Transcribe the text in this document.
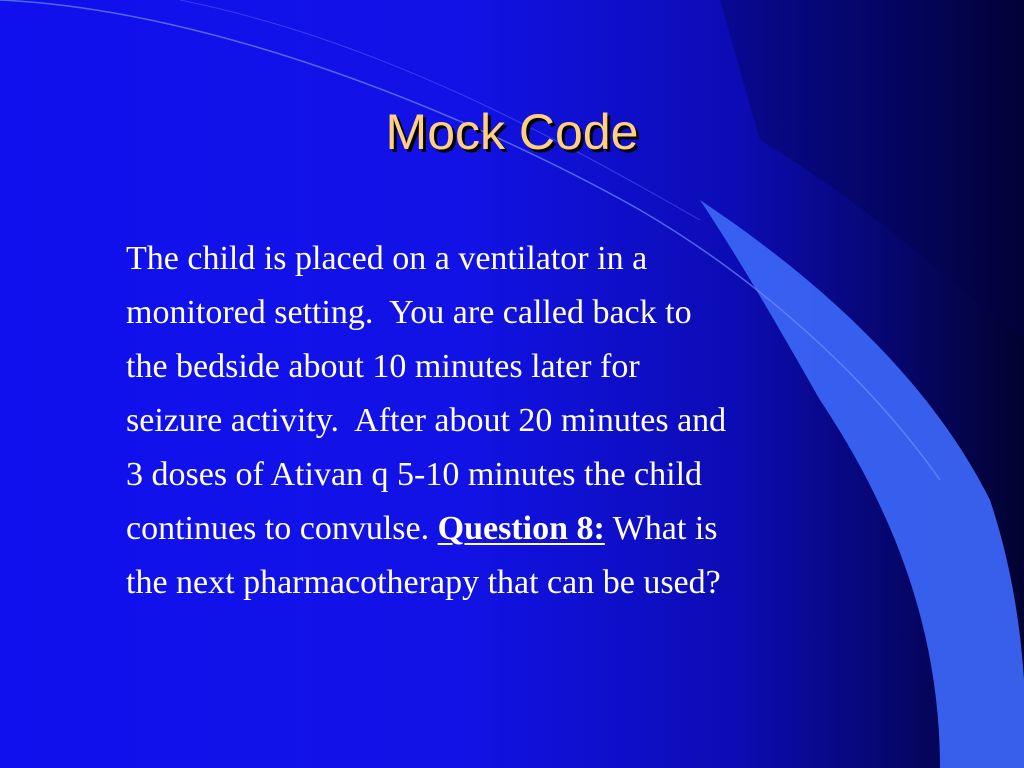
Mock Code
The child is placed on a ventilator in a
monitored setting.  You are called back to
the bedside about 10 minutes later for
seizure activity.  After about 20 minutes and
3 doses of Ativan q 5-10 minutes the child
continues to convulse. Question 8: What is
the next pharmacotherapy that can be used?
